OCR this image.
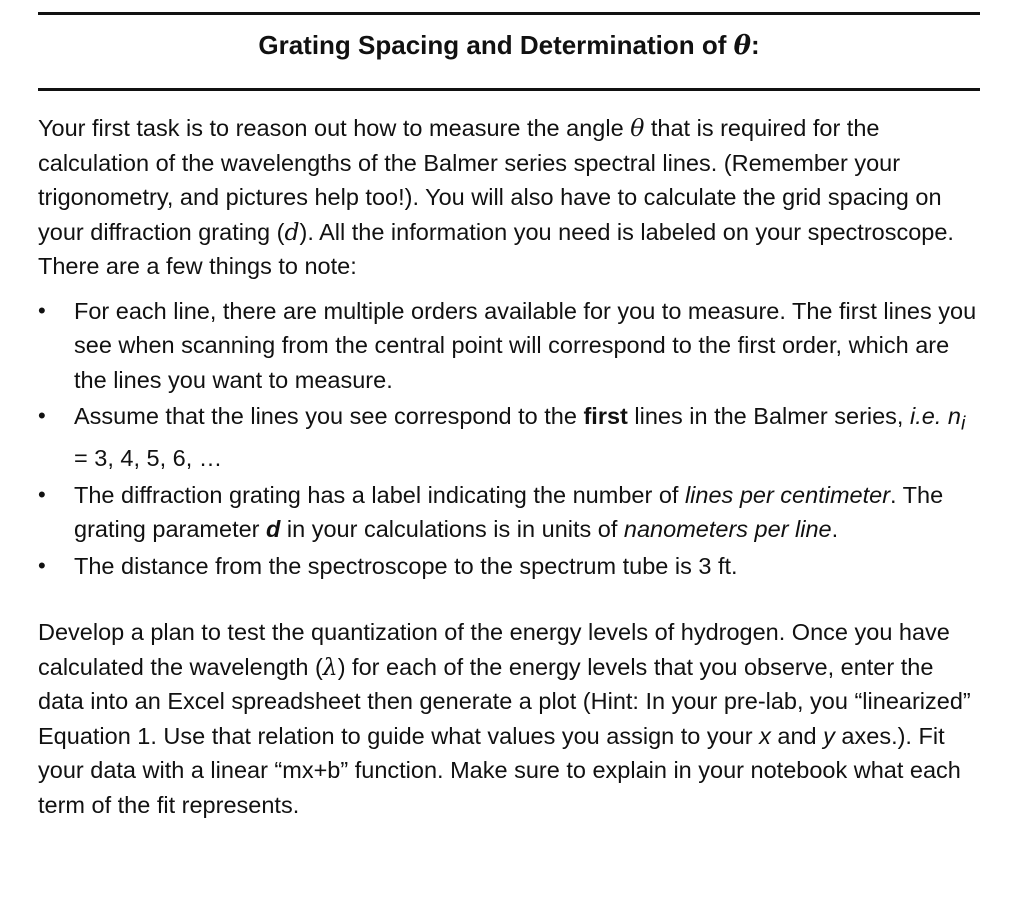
Grating Spacing and Determination of θ:

Your first task is to reason out how to measure the angle θ that is required for the calculation of the wavelengths of the Balmer series spectral lines. (Remember your trigonometry, and pictures help too!). You will also have to calculate the grid spacing on your diffraction grating (d). All the information you need is labeled on your spectroscope.

There are a few things to note:

•	For each line, there are multiple orders available for you to measure. The first lines you see when scanning from the central point will correspond to the first order, which are the lines you want to measure.
•	Assume that the lines you see correspond to the first lines in the Balmer series, i.e. $n_i = 3$, 4, 5, 6, …
•	The diffraction grating has a label indicating the number of lines per centimeter. The grating parameter d in your calculations is in units of nanometers per line.
•	The distance from the spectroscope to the spectrum tube is 3 ft.

Develop a plan to test the quantization of the energy levels of hydrogen. Once you have calculated the wavelength (λ) for each of the energy levels that you observe, enter the data into an Excel spreadsheet then generate a plot (Hint: In your pre-lab, you “linearized” Equation 1. Use that relation to guide what values you assign to your x and y axes.). Fit your data with a linear “mx+b” function. Make sure to explain in your notebook what each term of the fit represents.
